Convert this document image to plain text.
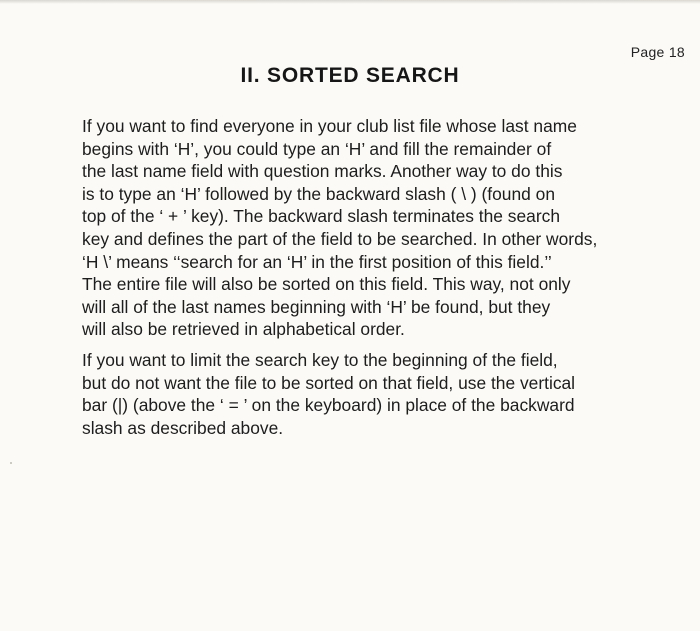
Page 18
II. SORTED SEARCH

If you want to find everyone in your club list file whose last name
begins with ‘H’, you could type an ‘H’ and fill the remainder of
the last name field with question marks. Another way to do this
is to type an ‘H’ followed by the backward slash ( \ ) (found on
top of the ‘ + ’ key). The backward slash terminates the search
key and defines the part of the field to be searched. In other words,
‘H \’ means ‘‘search for an ‘H’ in the first position of this field.’’
The entire file will also be sorted on this field. This way, not only
will all of the last names beginning with ‘H’ be found, but they
will also be retrieved in alphabetical order.

If you want to limit the search key to the beginning of the field,
but do not want the file to be sorted on that field, use the vertical
bar (|) (above the ‘ = ’ on the keyboard) in place of the backward
slash as described above.
